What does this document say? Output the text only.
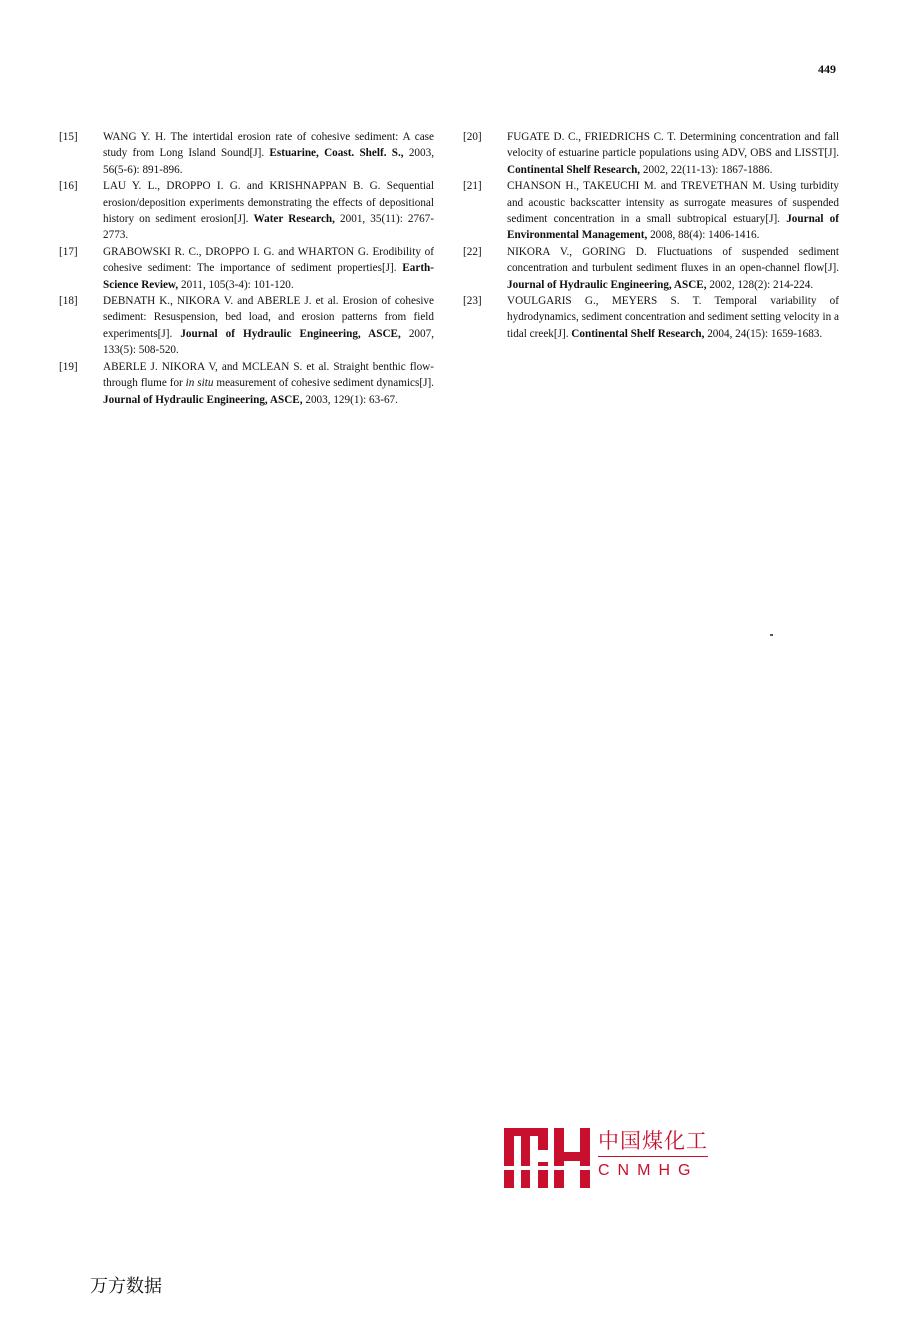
449
[15]	WANG Y. H. The intertidal erosion rate of cohesive sediment: A case study from Long Island Sound[J]. Estuarine, Coast. Shelf. S., 2003, 56(5-6): 891-896.
[16]	LAU Y. L., DROPPO I. G. and KRISHNAPPAN B. G. Sequential erosion/deposition experiments demonstrating the effects of depositional history on sediment erosion[J]. Water Research, 2001, 35(11): 2767-2773.
[17]	GRABOWSKI R. C., DROPPO I. G. and WHARTON G. Erodibility of cohesive sediment: The importance of sediment properties[J]. Earth-Science Review, 2011, 105(3-4): 101-120.
[18]	DEBNATH K., NIKORA V. and ABERLE J. et al. Erosion of cohesive sediment: Resuspension, bed load, and erosion patterns from field experiments[J]. Journal of Hydraulic Engineering, ASCE, 2007, 133(5): 508-520.
[19]	ABERLE J. NIKORA V, and MCLEAN S. et al. Straight benthic flow-through flume for in situ measurement of cohesive sediment dynamics[J]. Journal of Hydraulic Engineering, ASCE, 2003, 129(1): 63-67.
[20]	FUGATE D. C., FRIEDRICHS C. T. Determining concentration and fall velocity of estuarine particle populations using ADV, OBS and LISST[J]. Continental Shelf Research, 2002, 22(11-13): 1867-1886.
[21]	CHANSON H., TAKEUCHI M. and TREVETHAN M. Using turbidity and acoustic backscatter intensity as surrogate measures of suspended sediment concentration in a small subtropical estuary[J]. Journal of Environmental Management, 2008, 88(4): 1406-1416.
[22]	NIKORA V., GORING D. Fluctuations of suspended sediment concentration and turbulent sediment fluxes in an open-channel flow[J]. Journal of Hydraulic Engineering, ASCE, 2002, 128(2): 214-224.
[23]	VOULGARIS G., MEYERS S. T. Temporal variability of hydrodynamics, sediment concentration and sediment setting velocity in a tidal creek[J]. Continental Shelf Research, 2004, 24(15): 1659-1683.
中国煤化工
CNMHG
万方数据
